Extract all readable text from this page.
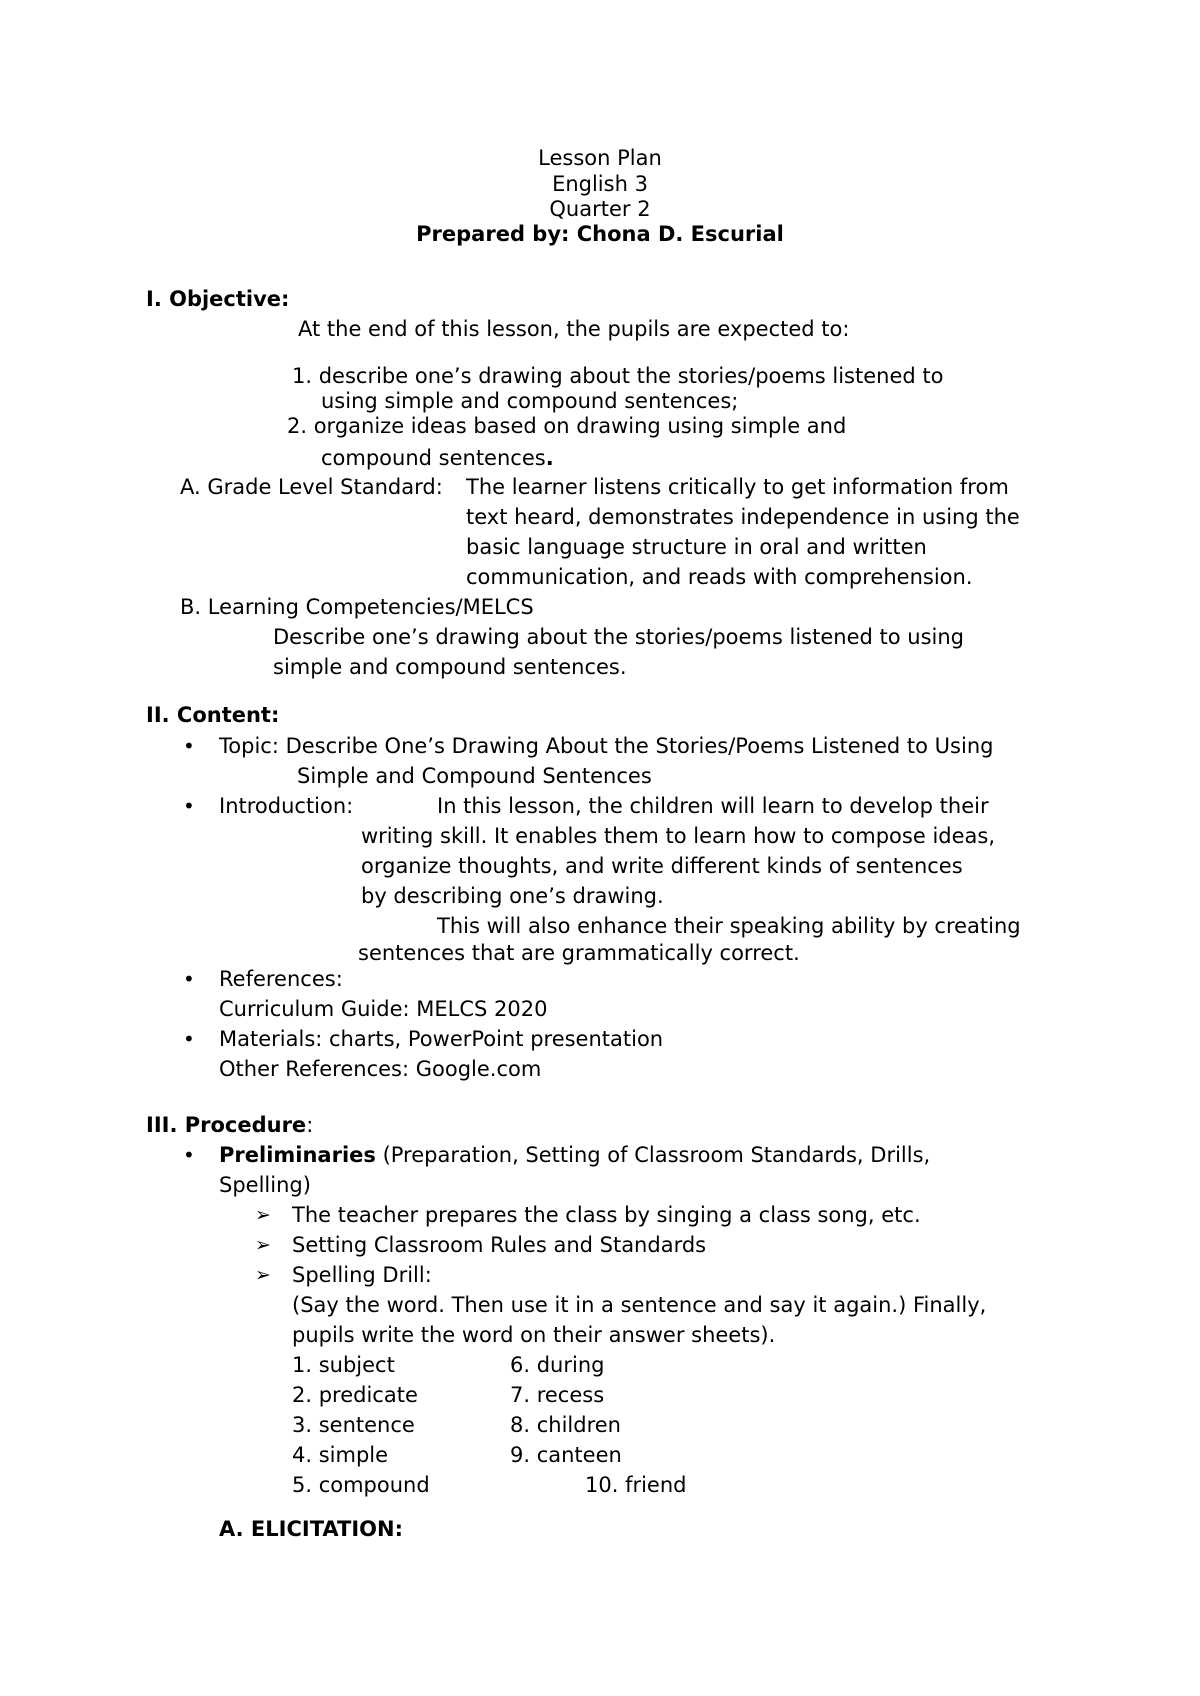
Lesson Plan
English 3
Quarter 2
Prepared by: Chona D. Escurial
I. Objective:
At the end of this lesson, the pupils are expected to:
1. describe one’s drawing about the stories/poems listened to
using simple and compound sentences;
2. organize ideas based on drawing using simple and
compound sentences.
A. Grade Level Standard: The learner listens critically to get information from
text heard, demonstrates independence in using the
basic language structure in oral and written
communication, and reads with comprehension.
B. Learning Competencies/MELCS
Describe one’s drawing about the stories/poems listened to using
simple and compound sentences.
II. Content:
• Topic: Describe One’s Drawing About the Stories/Poems Listened to Using
Simple and Compound Sentences
• Introduction:	In this lesson, the children will learn to develop their
writing skill. It enables them to learn how to compose ideas,
organize thoughts, and write different kinds of sentences
by describing one’s drawing.
This will also enhance their speaking ability by creating
sentences that are grammatically correct.
• References:
Curriculum Guide: MELCS 2020
• Materials: charts, PowerPoint presentation
Other References: Google.com
III. Procedure:
• Preliminaries (Preparation, Setting of Classroom Standards, Drills,
Spelling)
➢ The teacher prepares the class by singing a class song, etc.
➢ Setting Classroom Rules and Standards
➢ Spelling Drill:
(Say the word. Then use it in a sentence and say it again.) Finally,
pupils write the word on their answer sheets).
1. subject
2. predicate
3. sentence
4. simple
5. compound
6. during
7. recess
8. children
9. canteen
10. friend
A. ELICITATION:
